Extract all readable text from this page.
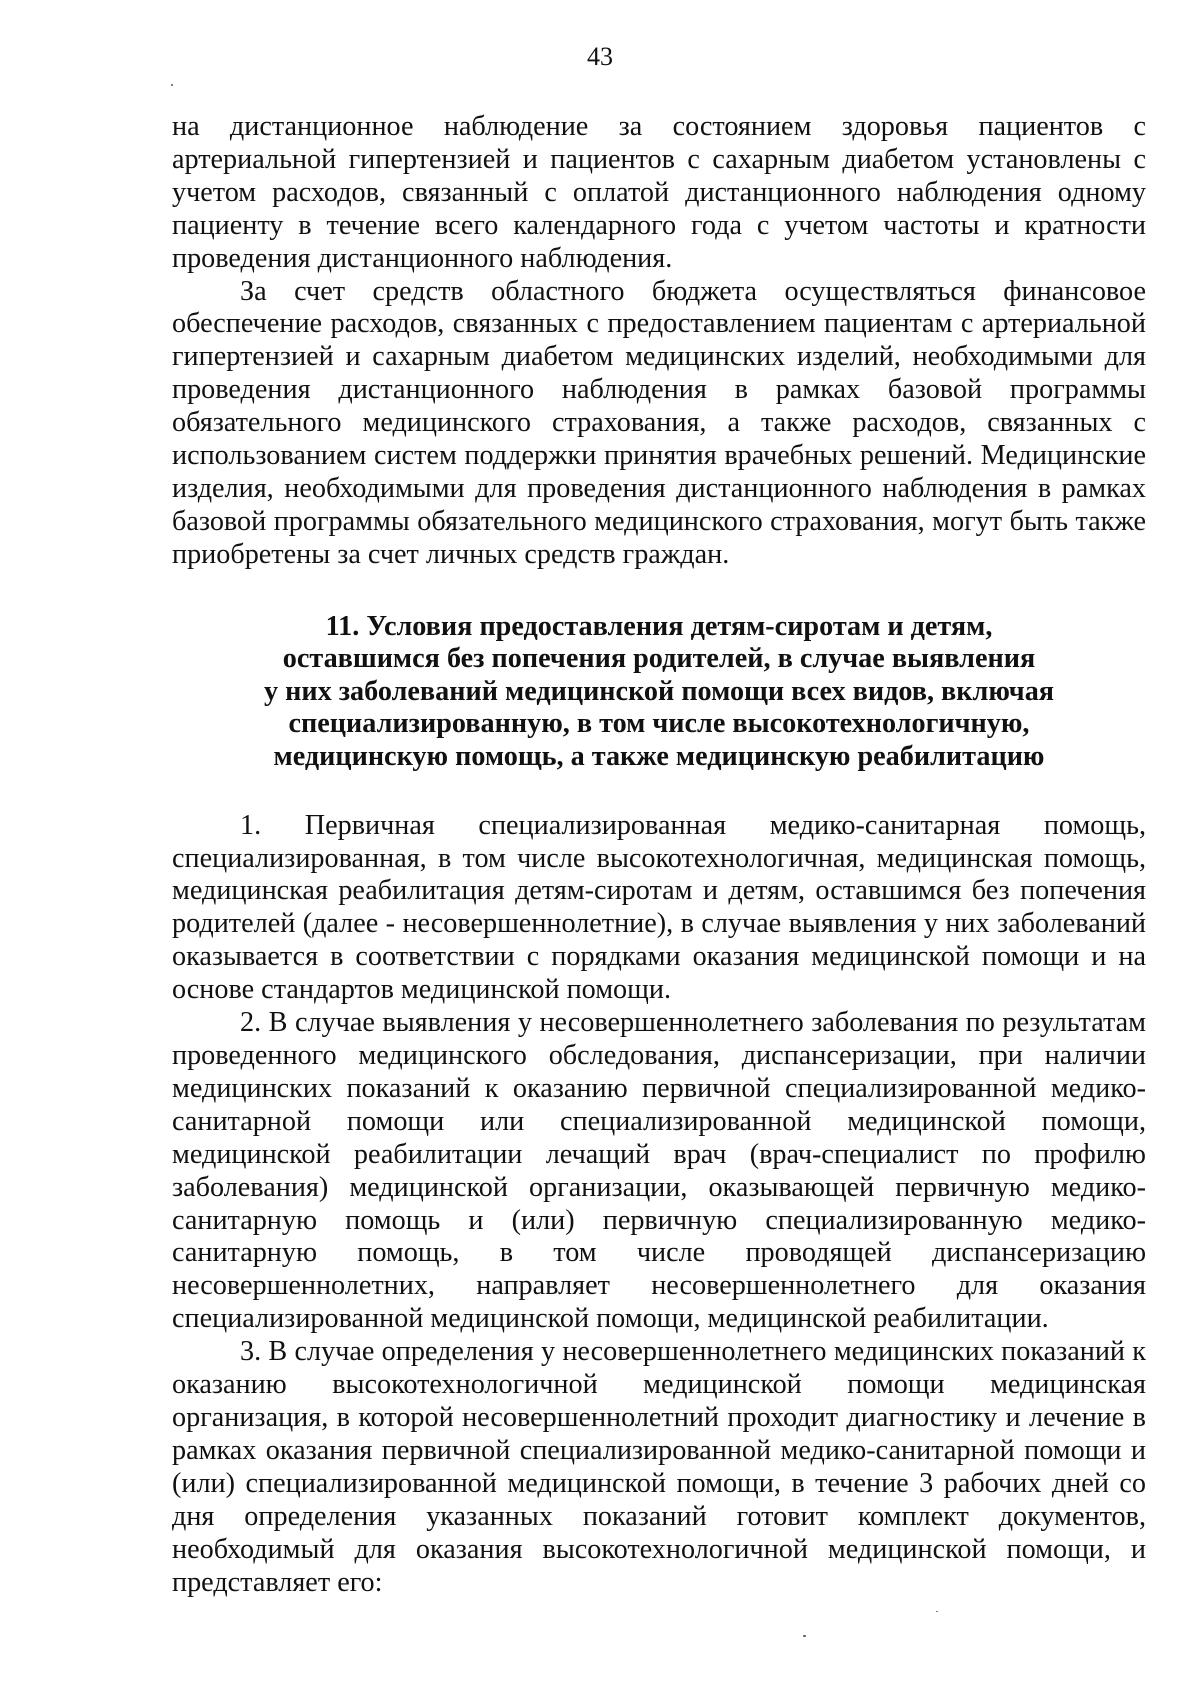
43

на дистанционное наблюдение за состоянием здоровья пациентов с артериальной гипертензией и пациентов с сахарным диабетом установлены с учетом расходов, связанный с оплатой дистанционного наблюдения одному пациенту в течение всего календарного года с учетом частоты и кратности проведения дистанционного наблюдения.

За счет средств областного бюджета осуществляться финансовое обеспечение расходов, связанных с предоставлением пациентам с артериальной гипертензией и сахарным диабетом медицинских изделий, необходимыми для проведения дистанционного наблюдения в рамках базовой программы обязательного медицинского страхования, а также расходов, связанных с использованием систем поддержки принятия врачебных решений. Медицинские изделия, необходимыми для проведения дистанционного наблюдения в рамках базовой программы обязательного медицинского страхования, могут быть также приобретены за счет личных средств граждан.

11. Условия предоставления детям-сиротам и детям,
оставшимся без попечения родителей, в случае выявления
у них заболеваний медицинской помощи всех видов, включая
специализированную, в том числе высокотехнологичную,
медицинскую помощь, а также медицинскую реабилитацию

1. Первичная специализированная медико-санитарная помощь, специализированная, в том числе высокотехнологичная, медицинская помощь, медицинская реабилитация детям-сиротам и детям, оставшимся без попечения родителей (далее - несовершеннолетние), в случае выявления у них заболеваний оказывается в соответствии с порядками оказания медицинской помощи и на основе стандартов медицинской помощи.

2. В случае выявления у несовершеннолетнего заболевания по результатам проведенного медицинского обследования, диспансеризации, при наличии медицинских показаний к оказанию первичной специализированной медико-санитарной помощи или специализированной медицинской помощи, медицинской реабилитации лечащий врач (врач-специалист по профилю заболевания) медицинской организации, оказывающей первичную медико-санитарную помощь и (или) первичную специализированную медико-санитарную помощь, в том числе проводящей диспансеризацию несовершеннолетних, направляет несовершеннолетнего для оказания специализированной медицинской помощи, медицинской реабилитации.

3. В случае определения у несовершеннолетнего медицинских показаний к оказанию высокотехнологичной медицинской помощи медицинская организация, в которой несовершеннолетний проходит диагностику и лечение в рамках оказания первичной специализированной медико-санитарной помощи и (или) специализированной медицинской помощи, в течение 3 рабочих дней со дня определения указанных показаний готовит комплект документов, необходимый для оказания высокотехнологичной медицинской помощи, и представляет его:
